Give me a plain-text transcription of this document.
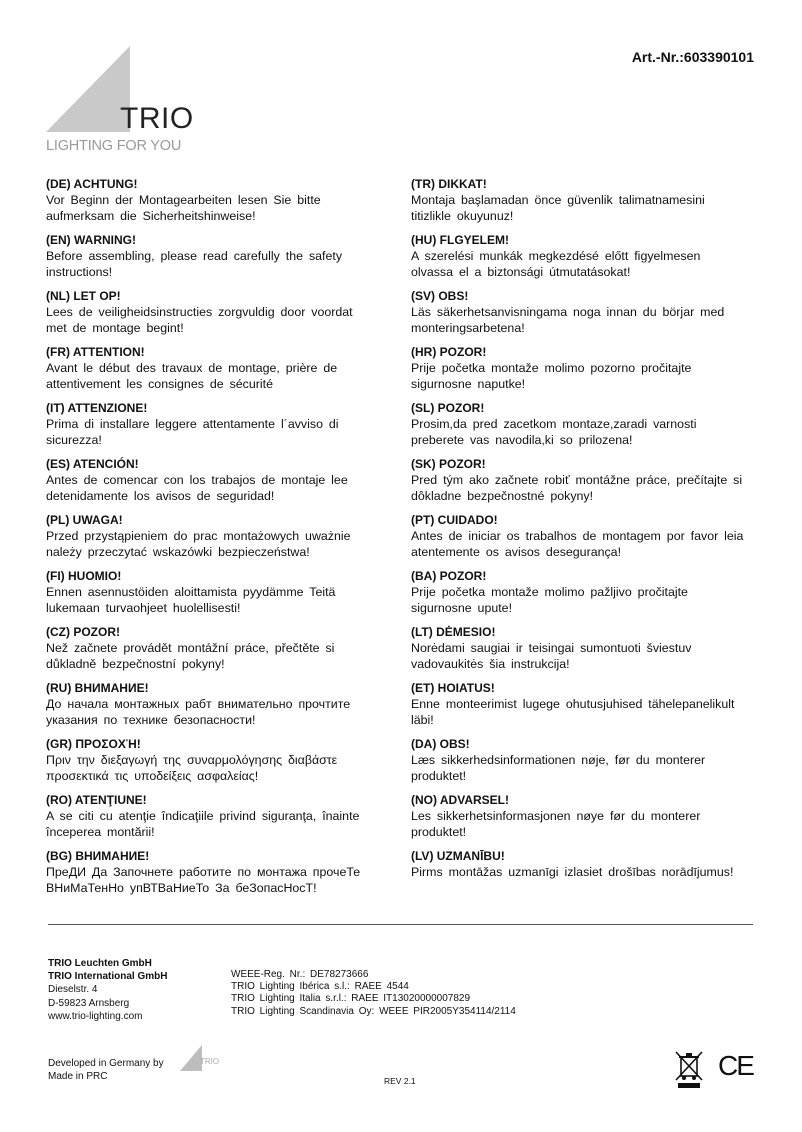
TRIO
LIGHTING FOR YOU
Art.-Nr.:603390101
(DE) ACHTUNG!
Vor Beginn der Montagearbeiten lesen Sie bitte
aufmerksam die Sicherheitshinweise!
(EN) WARNING!
Before assembling, please read carefully the safety
instructions!
(NL) LET OP!
Lees de veiligheidsinstructies zorgvuldig door voordat
met de montage begint!
(FR) ATTENTION!
Avant le début des travaux de montage, prière de
attentivement les consignes de sécurité
(IT) ATTENZIONE!
Prima di installare leggere attentamente l´avviso di
sicurezza!
(ES) ATENCIÓN!
Antes de comencar con los trabajos de montaje lee
detenidamente los avisos de seguridad!
(PL) UWAGA!
Przed przystąpieniem do prac montażowych uważnie
należy przeczytać wskazówki bezpieczeństwa!
(FI) HUOMIO!
Ennen asennustöiden aloittamista pyydämme Teitä
lukemaan turvaohjeet huolellisesti!
(CZ) POZOR!
Než začnete provádět montážní práce, přečtěte si
důkladně bezpečnostní pokyny!
(RU) ВНИМАНИЕ!
До начала монтажных рабт внимательно прочтите
указания по технике безопасности!
(GR) ΠΡΟΣΟΧΉ!
Πριν την διεξαγωγή της συναρμολόγησης διαβάστε
προσεκτικά τις υποδείξεις ασφαλείας!
(RO) ATENŢIUNE!
A se citi cu atenţie îndicaţiile privind siguranţa, înainte
începerea montării!
(BG) ВНИМАНИЕ!
ПреДИ Да Започнете работите по монтажа прочеТе
ВНиМаТенНо упВТВаНиеТо За беЗопасНосТ!
(TR) DIKKAT!
Montaja başlamadan önce güvenlik talimatnamesini
titizlikle okuyunuz!
(HU) FLGYELEM!
A szerelési munkák megkezdésé előtt figyelmesen
olvassa el a biztonsági útmutatásokat!
(SV) OBS!
Läs säkerhetsanvisningama noga innan du börjar med
monteringsarbetena!
(HR) POZOR!
Prije početka montaže molimo pozorno pročitajte
sigurnosne naputke!
(SL) POZOR!
Prosim,da pred zacetkom montaze,zaradi varnosti
preberete vas navodila,ki so prilozena!
(SK) POZOR!
Pred tým ako začnete robiť montážne práce, prečítajte si
dôkladne bezpečnostné pokyny!
(PT) CUIDADO!
Antes de iniciar os trabalhos de montagem por favor leia
atentemente os avisos desegurança!
(BA) POZOR!
Prije početka montaže molimo pažljivo pročitajte
sigurnosne upute!
(LT) DĖMESIO!
Norėdami saugiai ir teisingai sumontuoti šviestuv
vadovaukitės šia instrukcija!
(ET) HOIATUS!
Enne monteerimist lugege ohutusjuhised tähelepanelikult
läbi!
(DA) OBS!
Læs sikkerhedsinformationen nøje, før du monterer
produktet!
(NO) ADVARSEL!
Les sikkerhetsinformasjonen nøye før du monterer
produktet!
(LV) UZMANĪBU!
Pirms montāžas uzmanīgi izlasiet drošības norādījumus!
TRIO Leuchten GmbH
TRIO International GmbH
Dieselstr. 4
D-59823 Arnsberg
www.trio-lighting.com
WEEE-Reg. Nr.: DE78273666
TRIO Lighting Ibérica s.l.: RAEE 4544
TRIO Lighting Italia s.r.l.: RAEE IT13020000007829
TRIO Lighting Scandinavia Oy: WEEE PIR2005Y354114/2114
Developed in Germany by
Made in PRC
TRIO
REV 2.1	CE
